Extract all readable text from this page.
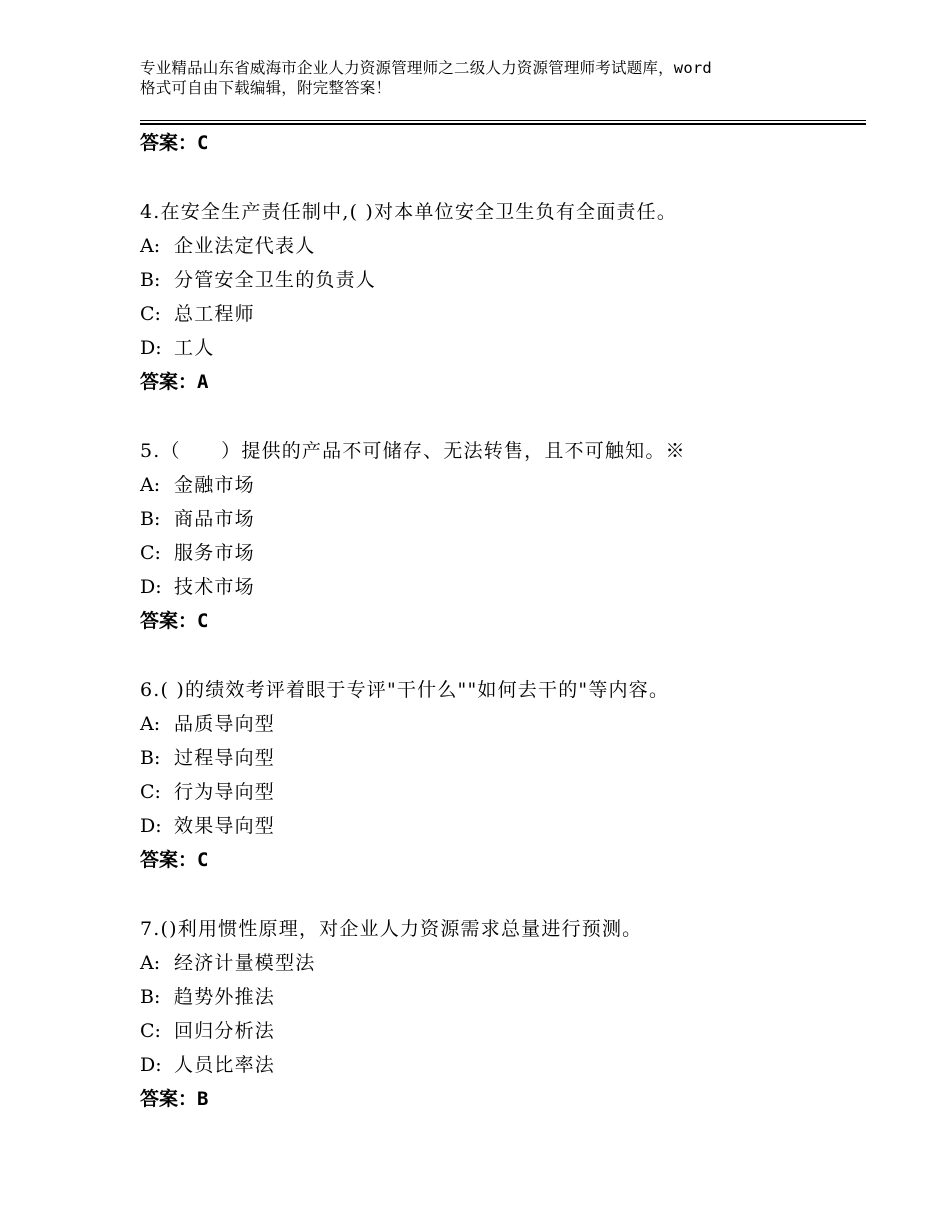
专业精品山东省威海市企业人力资源管理师之二级人力资源管理师考试题库，word
格式可自由下载编辑，附完整答案！
答案：C
4.在安全生产责任制中,( )对本单位安全卫生负有全面责任。
A: 企业法定代表人
B: 分管安全卫生的负责人
C: 总工程师
D: 工人
答案：A
5.（　　）提供的产品不可储存、无法转售，且不可触知。※
A: 金融市场
B: 商品市场
C: 服务市场
D: 技术市场
答案：C
6.( )的绩效考评着眼于专评"干什么""如何去干的"等内容。
A: 品质导向型
B: 过程导向型
C: 行为导向型
D: 效果导向型
答案：C
7.()利用惯性原理，对企业人力资源需求总量进行预测。
A: 经济计量模型法
B: 趋势外推法
C: 回归分析法
D: 人员比率法
答案：B
